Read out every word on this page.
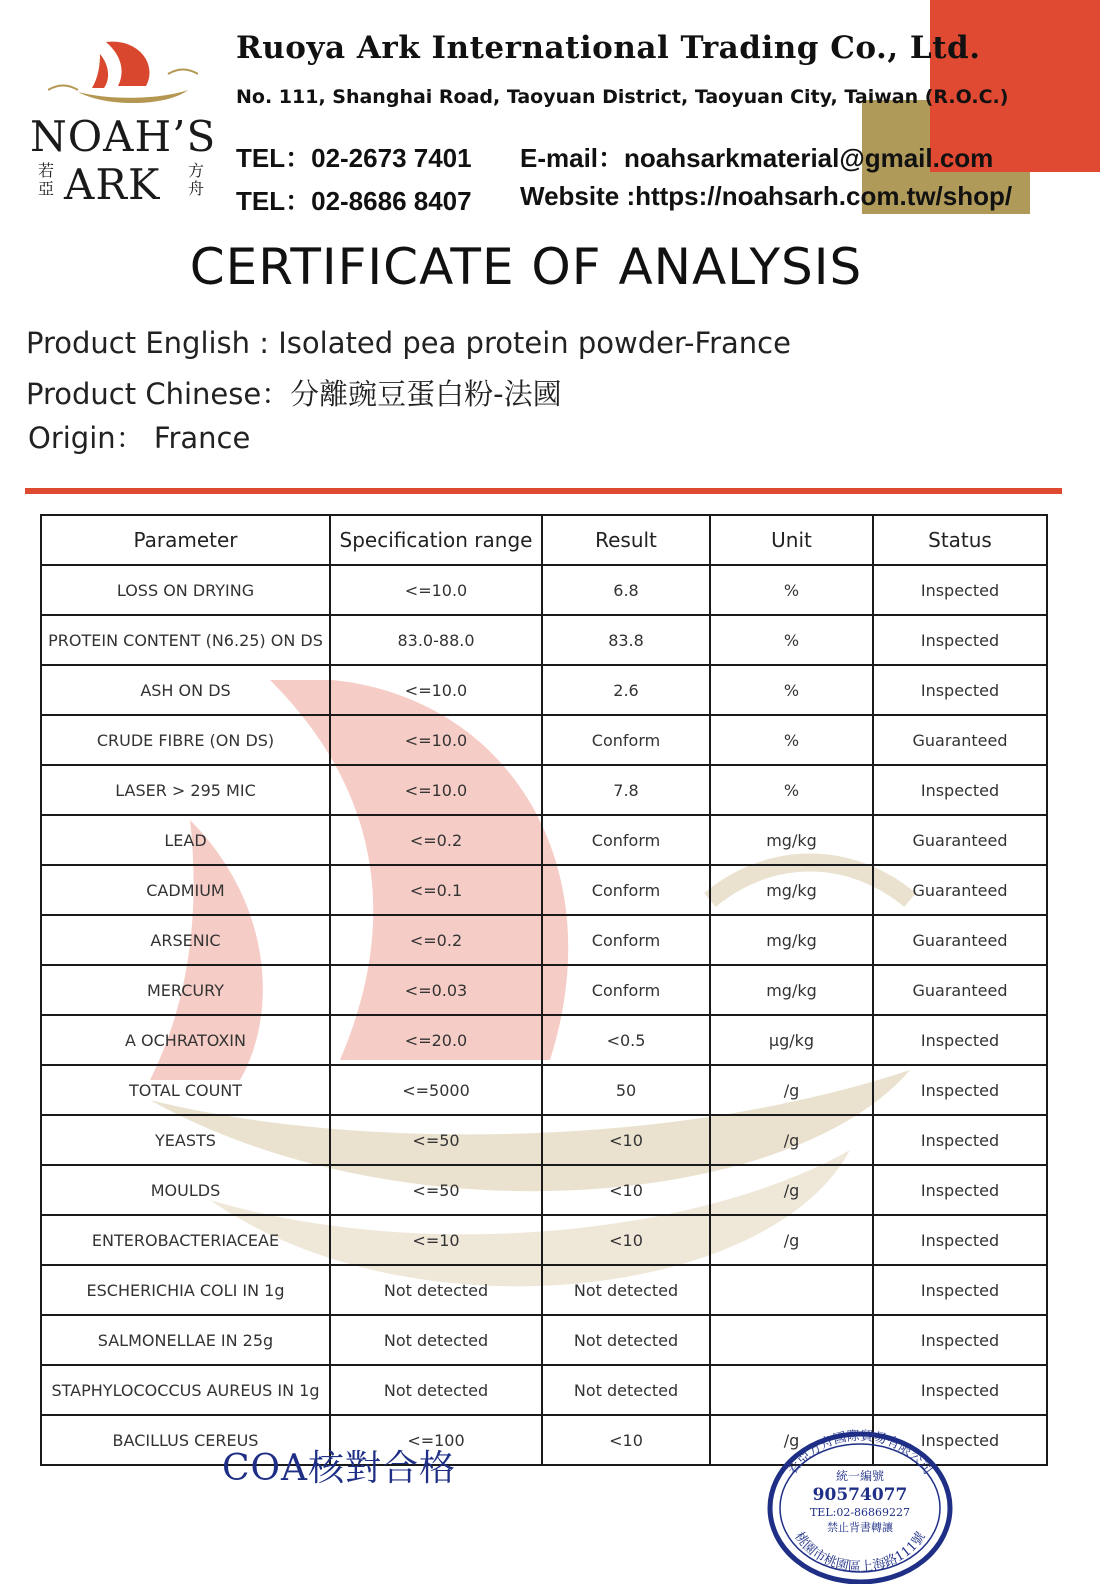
NOAH’S
ARK
若亞
方舟
Ruoya Ark International Trading Co., Ltd.
No. 111, Shanghai Road, Taoyuan District, Taoyuan City, Taiwan (R.O.C.)
TEL：02-2673 7401
TEL：02-8686 8407
E-mail：noahsarkmaterial@gmail.com
Website :https://noahsarh.com.tw/shop/
CERTIFICATE OF ANALYSIS
Product English : Isolated pea protein powder-France
Product Chinese：分離豌豆蛋白粉-法國
Origin： France
Parameter	Specification range	Result	Unit	Status
LOSS ON DRYING	<=10.0	6.8	%	Inspected
PROTEIN CONTENT (N6.25) ON DS	83.0-88.0	83.8	%	Inspected
ASH ON DS	<=10.0	2.6	%	Inspected
CRUDE FIBRE (ON DS)	<=10.0	Conform	%	Guaranteed
LASER > 295 MIC	<=10.0	7.8	%	Inspected
LEAD	<=0.2	Conform	mg/kg	Guaranteed
CADMIUM	<=0.1	Conform	mg/kg	Guaranteed
ARSENIC	<=0.2	Conform	mg/kg	Guaranteed
MERCURY	<=0.03	Conform	mg/kg	Guaranteed
A OCHRATOXIN	<=20.0	<0.5	μg/kg	Inspected
TOTAL COUNT	<=5000	50	/g	Inspected
YEASTS	<=50	<10	/g	Inspected
MOULDS	<=50	<10	/g	Inspected
ENTEROBACTERIACEAE	<=10	<10	/g	Inspected
ESCHERICHIA COLI IN 1g	Not detected	Not detected		Inspected
SALMONELLAE IN 25g	Not detected	Not detected		Inspected
STAPHYLOCOCCUS AUREUS IN 1g	Not detected	Not detected		Inspected
BACILLUS CEREUS	<=100	<10	/g	Inspected
COA核對合格	若亞方舟國際貿易有限公司
桃園市桃園區上海路111號
統一編號
90574077
TEL:02-86869227
禁止背書轉讓
